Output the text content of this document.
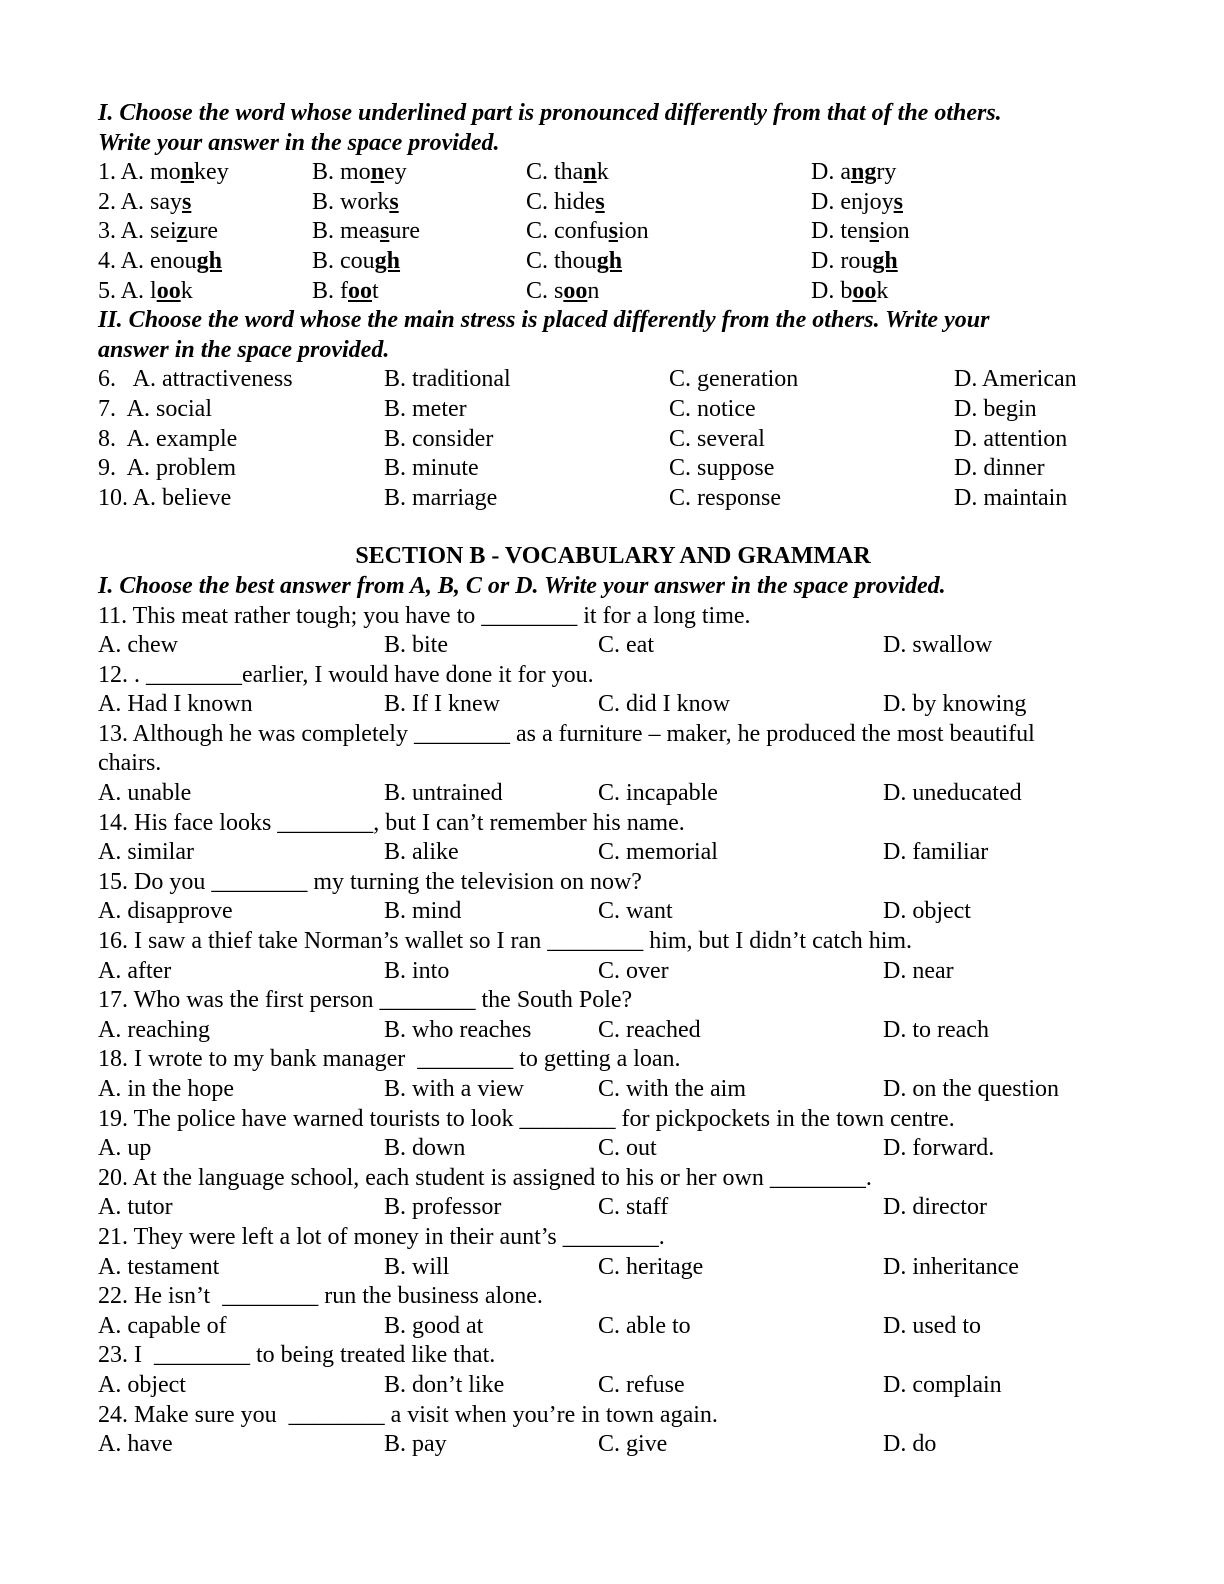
I. Choose the word whose underlined part is pronounced differently from that of the others.
Write your answer in the space provided.
1. A. monkey	B. money	C. thank	D. angry
2. A. says	B. works	C. hides	D. enjoys
3. A. seizure	B. measure	C. confusion	D. tension
4. A. enough	B. cough	C. though	D. rough
5. A. look	B. foot	C. soon	D. book
II. Choose the word whose the main stress is placed differently from the others. Write your
answer in the space provided.
6.   A. attractiveness	B. traditional	C. generation	D. American
7.  A. social	B. meter	C. notice	D. begin
8.  A. example	B. consider	C. several	D. attention
9.  A. problem	B. minute	C. suppose	D. dinner
10. A. believe	B. marriage	C. response	D. maintain
SECTION B - VOCABULARY AND GRAMMAR
I. Choose the best answer from A, B, C or D. Write your answer in the space provided.
11. This meat rather tough; you have to ________ it for a long time.
A. chew	B. bite	C. eat	D. swallow
12. . ________earlier, I would have done it for you.
A. Had I known	B. If I knew	C. did I know	D. by knowing
13. Although he was completely ________ as a furniture – maker, he produced the most beautiful
chairs.
A. unable	B. untrained	C. incapable	D. uneducated
14. His face looks ________, but I can’t remember his name.
A. similar	B. alike	C. memorial	D. familiar
15. Do you ________ my turning the television on now?
A. disapprove	B. mind	C. want	D. object
16. I saw a thief take Norman’s wallet so I ran ________ him, but I didn’t catch him.
A. after	B. into	C. over	D. near
17. Who was the first person ________ the South Pole?
A. reaching	B. who reaches	C. reached	D. to reach
18. I wrote to my bank manager  ________ to getting a loan.
A. in the hope	B. with a view	C. with the aim	D. on the question
19. The police have warned tourists to look ________ for pickpockets in the town centre.
A. up	B. down	C. out	D. forward.
20. At the language school, each student is assigned to his or her own ________.
A. tutor	B. professor	C. staff	D. director
21. They were left a lot of money in their aunt’s ________.
A. testament	B. will	C. heritage	D. inheritance
22. He isn’t  ________ run the business alone.
A. capable of	B. good at	C. able to	D. used to
23. I  ________ to being treated like that.
A. object	B. don’t like	C. refuse	D. complain
24. Make sure you  ________ a visit when you’re in town again.
A. have	B. pay	C. give	D. do
